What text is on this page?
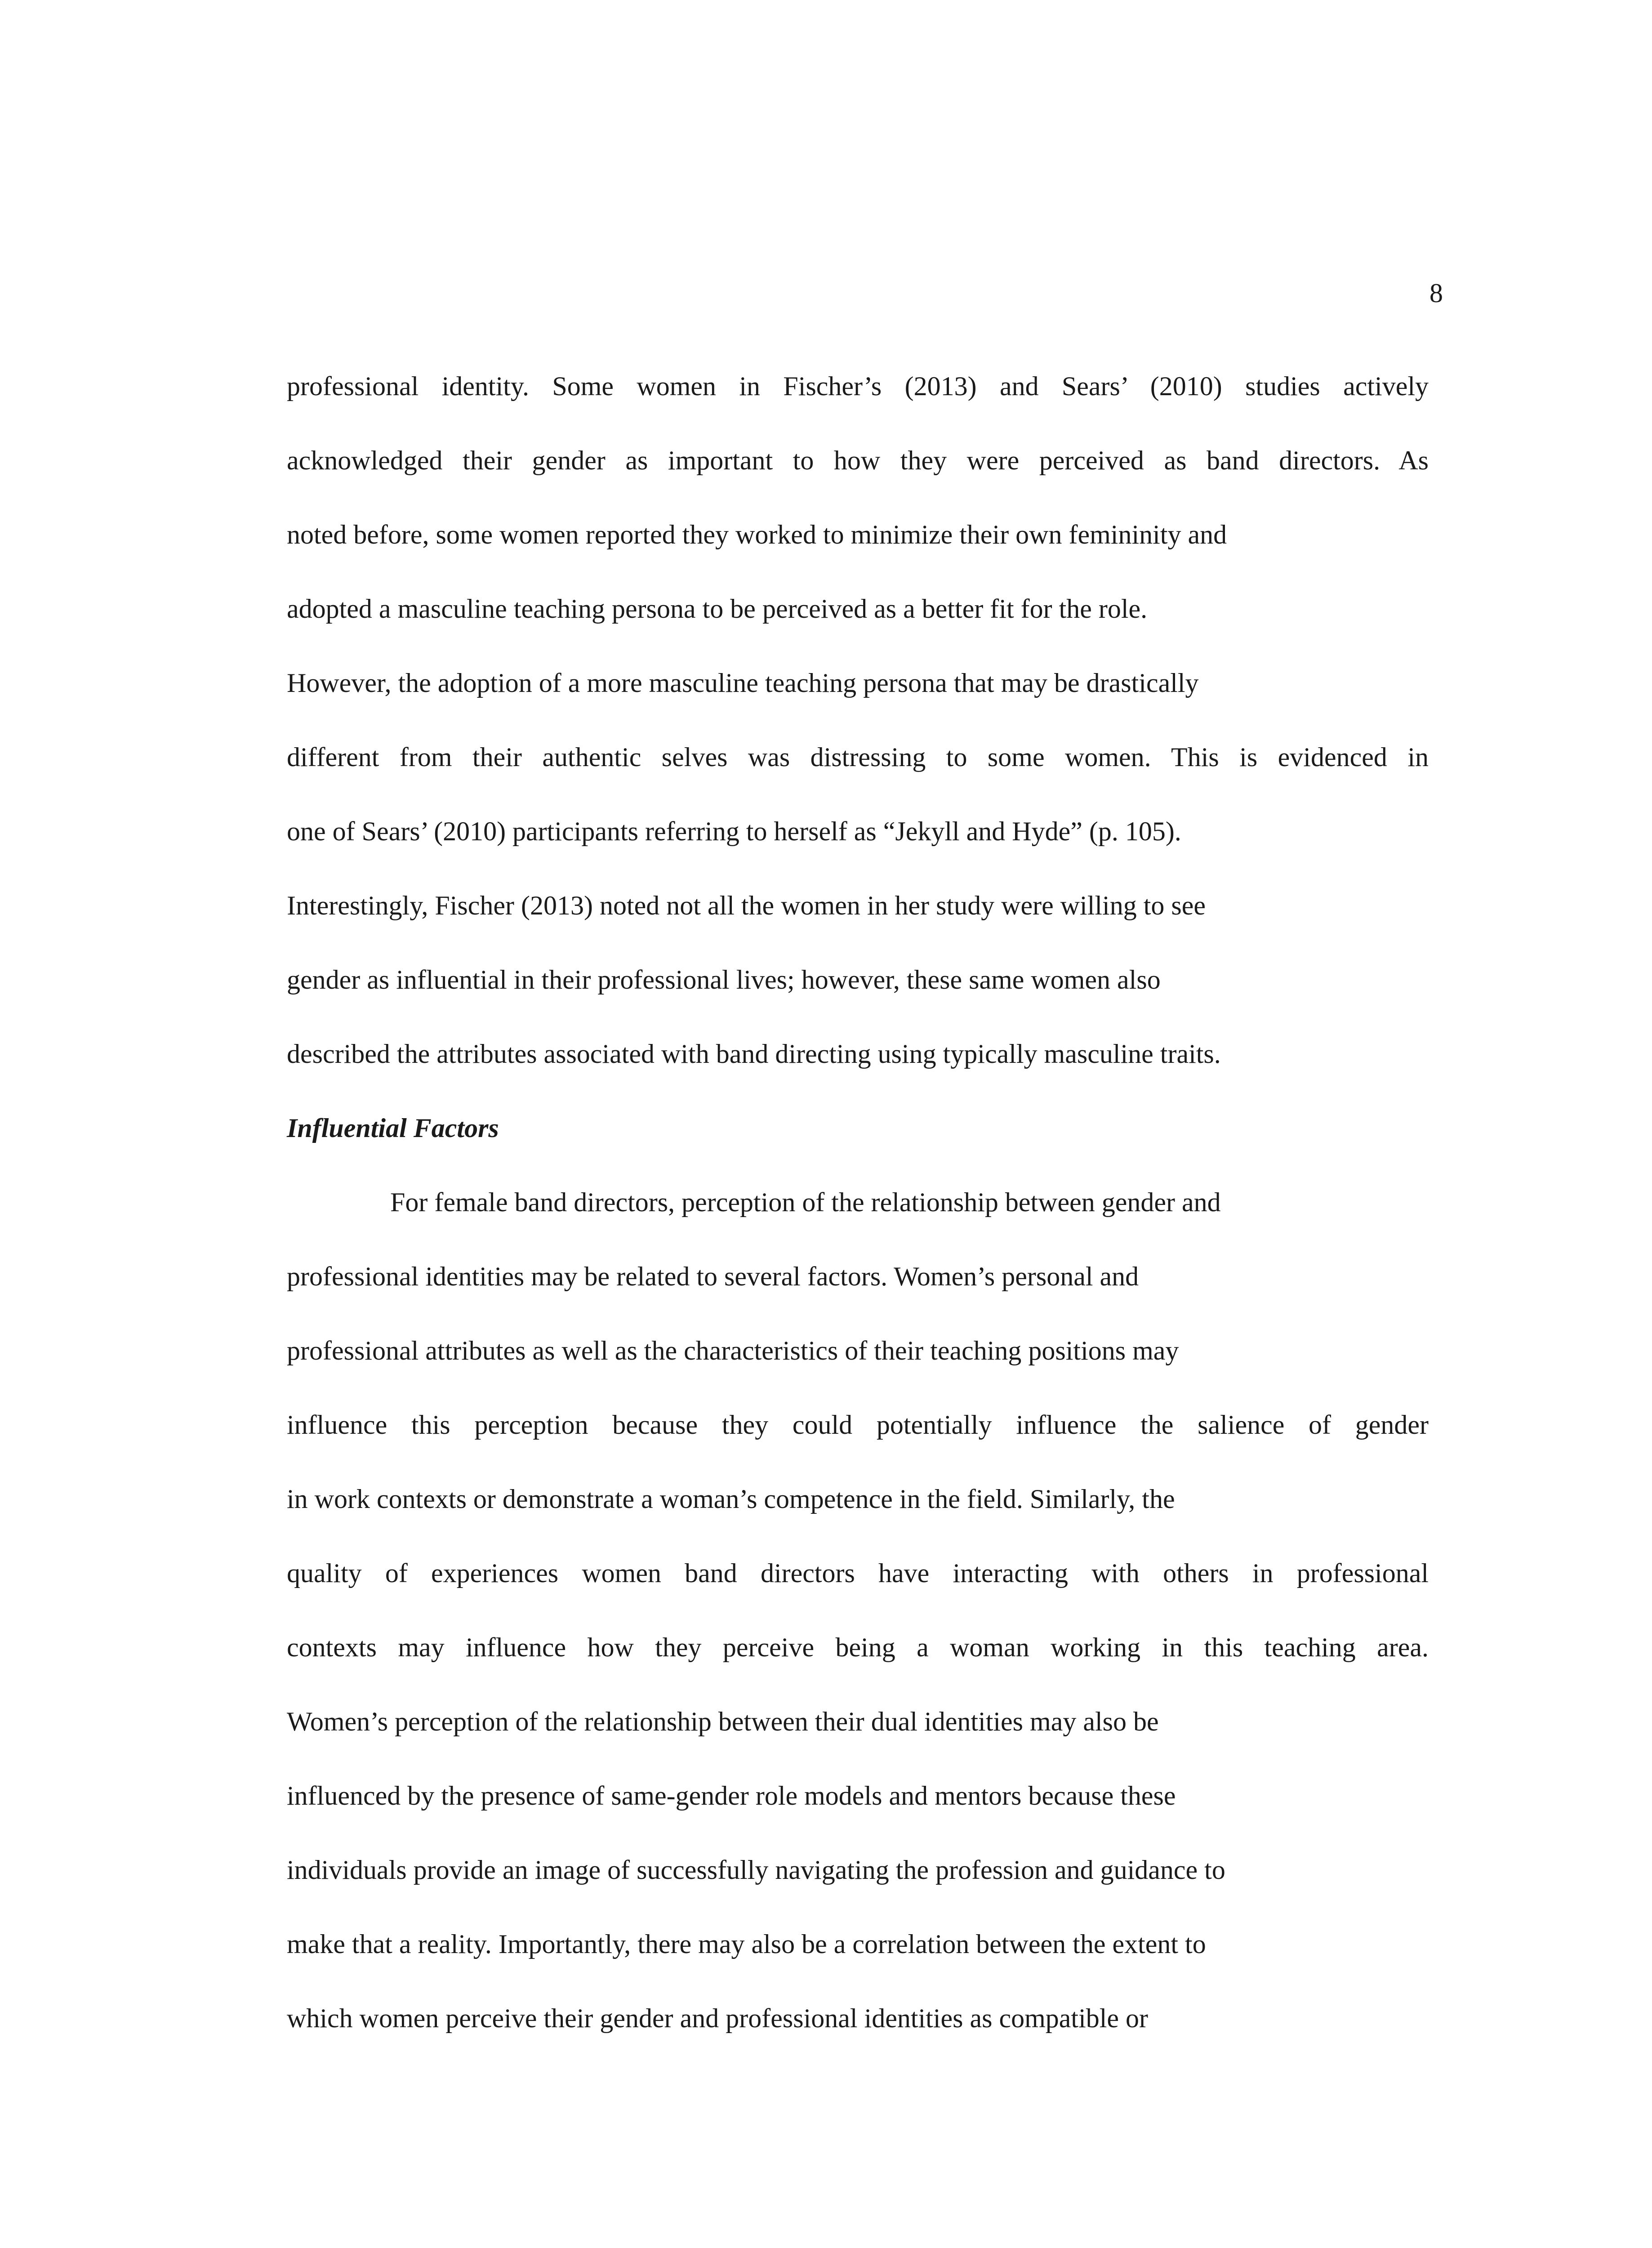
8
professional identity. Some women in Fischer’s (2013) and Sears’ (2010) studies actively
acknowledged their gender as important to how they were perceived as band directors. As
noted before, some women reported they worked to minimize their own femininity and
adopted a masculine teaching persona to be perceived as a better fit for the role.
However, the adoption of a more masculine teaching persona that may be drastically
different from their authentic selves was distressing to some women. This is evidenced in
one of Sears’ (2010) participants referring to herself as “Jekyll and Hyde” (p. 105).
Interestingly, Fischer (2013) noted not all the women in her study were willing to see
gender as influential in their professional lives; however, these same women also
described the attributes associated with band directing using typically masculine traits.
Influential Factors
For female band directors, perception of the relationship between gender and
professional identities may be related to several factors. Women’s personal and
professional attributes as well as the characteristics of their teaching positions may
influence this perception because they could potentially influence the salience of gender
in work contexts or demonstrate a woman’s competence in the field. Similarly, the
quality of experiences women band directors have interacting with others in professional
contexts may influence how they perceive being a woman working in this teaching area.
Women’s perception of the relationship between their dual identities may also be
influenced by the presence of same-gender role models and mentors because these
individuals provide an image of successfully navigating the profession and guidance to
make that a reality. Importantly, there may also be a correlation between the extent to
which women perceive their gender and professional identities as compatible or
